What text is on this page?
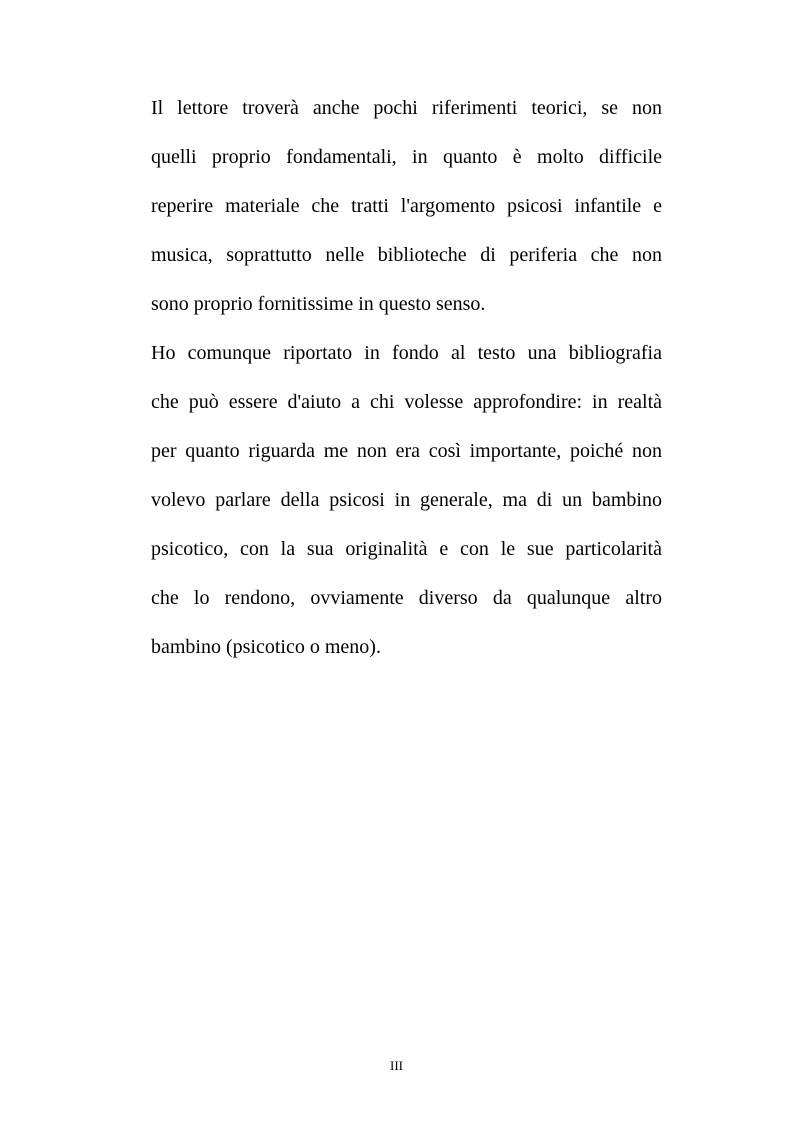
Il lettore troverà anche pochi riferimenti teorici, se non
quelli proprio fondamentali, in quanto è molto difficile
reperire materiale che tratti l'argomento psicosi infantile e
musica, soprattutto nelle biblioteche di periferia che non
sono proprio fornitissime in questo senso.
Ho comunque riportato in fondo al testo una bibliografia
che può essere d'aiuto a chi volesse approfondire: in realtà
per quanto riguarda me non era così importante, poiché non
volevo parlare della psicosi in generale, ma di un bambino
psicotico, con la sua originalità e con le sue particolarità
che lo rendono, ovviamente diverso da qualunque altro
bambino (psicotico o meno).
III
